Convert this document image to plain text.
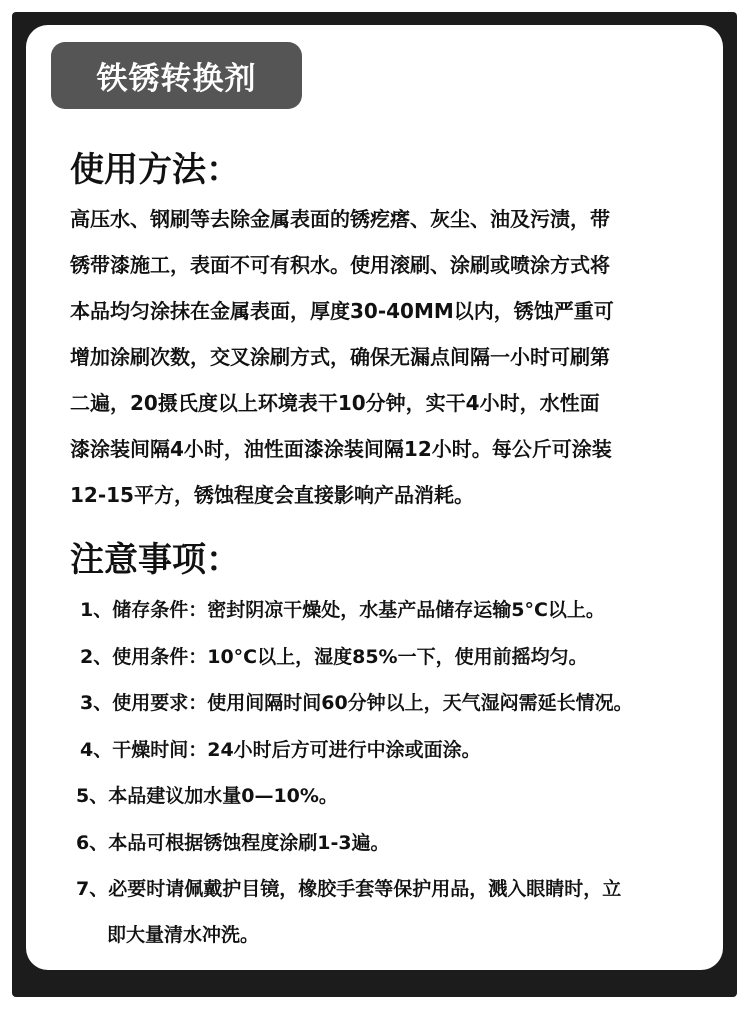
铁锈转换剂
使用方法：
高压水、钢刷等去除金属表面的锈疙瘩、灰尘、油及污渍，带
锈带漆施工，表面不可有积水。使用滚刷、涂刷或喷涂方式将
本品均匀涂抹在金属表面，厚度30-40MM以内，锈蚀严重可
增加涂刷次数，交叉涂刷方式，确保无漏点间隔一小时可刷第
二遍，20摄氏度以上环境表干10分钟，实干4小时，水性面
漆涂装间隔4小时，油性面漆涂装间隔12小时。每公斤可涂装
12-15平方，锈蚀程度会直接影响产品消耗。
注意事项：
1、储存条件：密封阴凉干燥处，水基产品储存运输5°C以上。
2、使用条件：10°C以上，湿度85%一下，使用前摇均匀。
3、使用要求：使用间隔时间60分钟以上，天气湿闷需延长情况。
4、干燥时间：24小时后方可进行中涂或面涂。
5、本品建议加水量0—10%。
6、本品可根据锈蚀程度涂刷1-3遍。
7、必要时请佩戴护目镜，橡胶手套等保护用品，溅入眼睛时，立
即大量清水冲洗。
